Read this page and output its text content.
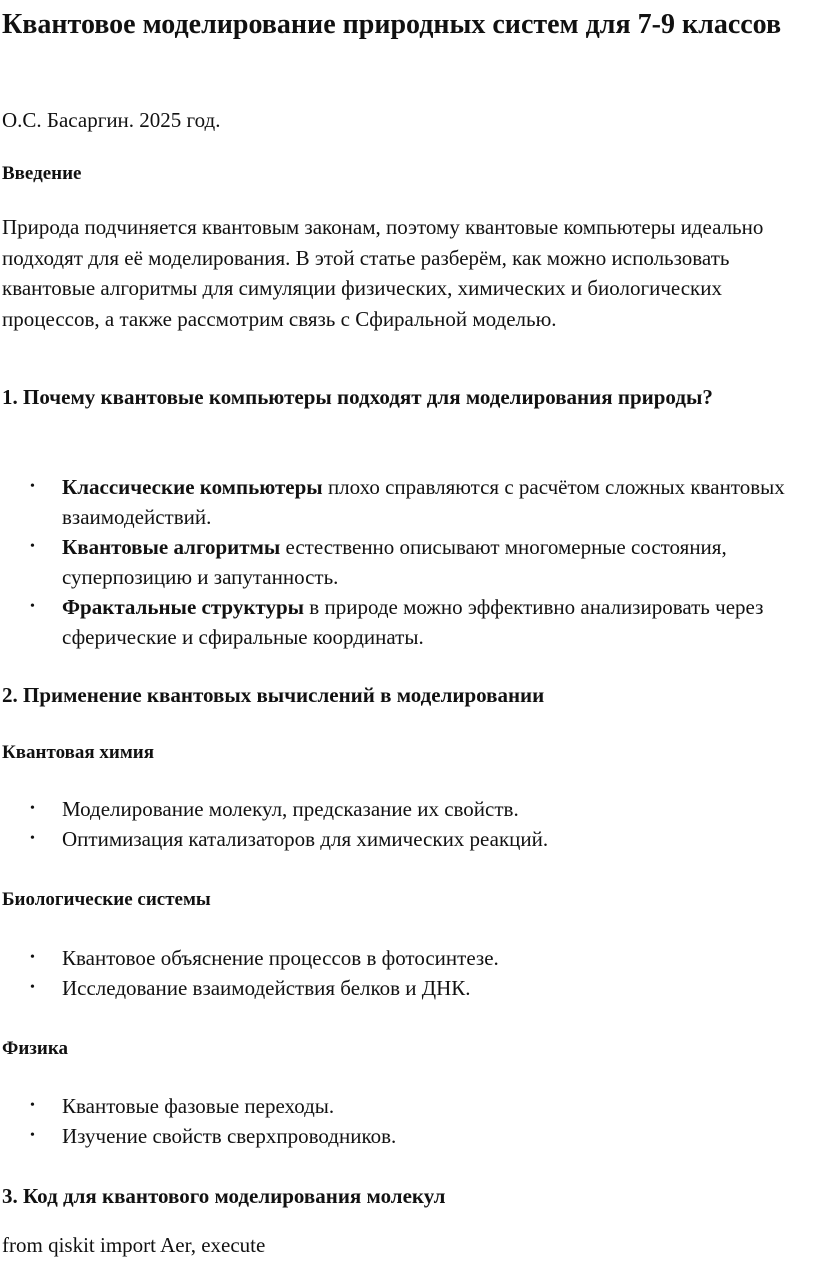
Квантовое моделирование природных систем для 7-9 классов

О.С. Басаргин. 2025 год.

Введение

Природа подчиняется квантовым законам, поэтому квантовые компьютеры идеально подходят для её моделирования. В этой статье разберём, как можно использовать квантовые алгоритмы для симуляции физических, химических и биологических процессов, а также рассмотрим связь с Сфиральной моделью.

1. Почему квантовые компьютеры подходят для моделирования природы?
• Классические компьютеры плохо справляются с расчётом сложных квантовых взаимодействий.
• Квантовые алгоритмы естественно описывают многомерные состояния, суперпозицию и запутанность.
• Фрактальные структуры в природе можно эффективно анализировать через сферические и сфиральные координаты.
2. Применение квантовых вычислений в моделировании
Квантовая химия
• Моделирование молекул, предсказание их свойств.
• Оптимизация катализаторов для химических реакций.
Биологические системы
• Квантовое объяснение процессов в фотосинтезе.
• Исследование взаимодействия белков и ДНК.
Физика
• Квантовые фазовые переходы.
• Изучение свойств сверхпроводников.
3. Код для квантового моделирования молекул

from qiskit import Aer, execute
